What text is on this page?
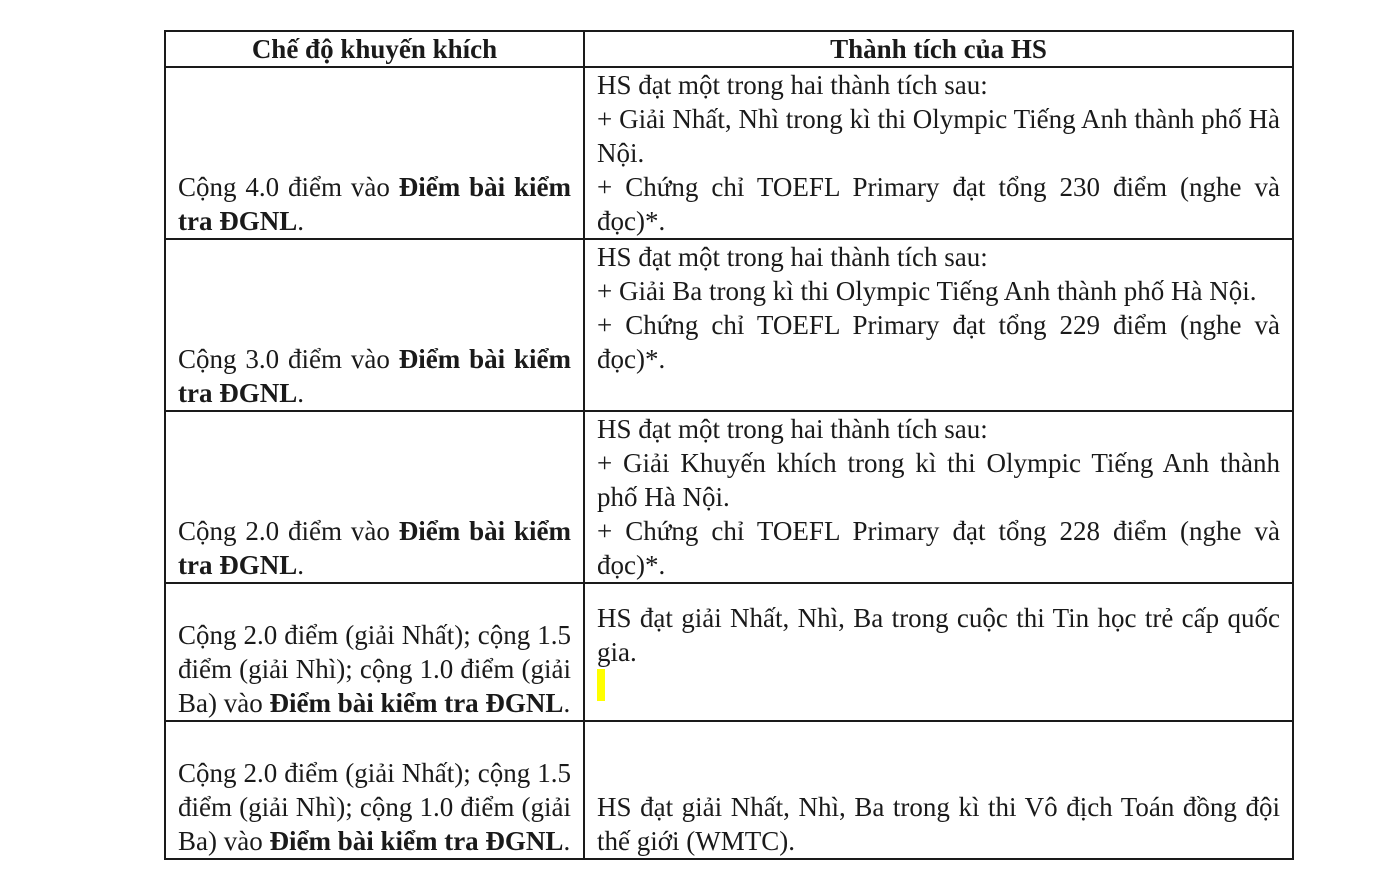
Chế độ khuyến khích	Thành tích của HS

Cộng 4.0 điểm vào Điểm bài kiểm tra ĐGNL.	HS đạt một trong hai thành tích sau:
+ Giải Nhất, Nhì trong kì thi Olympic Tiếng Anh thành phố Hà Nội.
+ Chứng chỉ TOEFL Primary đạt tổng 230 điểm (nghe và đọc)*.

Cộng 3.0 điểm vào Điểm bài kiểm tra ĐGNL.	HS đạt một trong hai thành tích sau:
+ Giải Ba trong kì thi Olympic Tiếng Anh thành phố Hà Nội.
+ Chứng chỉ TOEFL Primary đạt tổng 229 điểm (nghe và đọc)*.

Cộng 2.0 điểm vào Điểm bài kiểm tra ĐGNL.	HS đạt một trong hai thành tích sau:
+ Giải Khuyến khích trong kì thi Olympic Tiếng Anh thành phố Hà Nội.
+ Chứng chỉ TOEFL Primary đạt tổng 228 điểm (nghe và đọc)*.

Cộng 2.0 điểm (giải Nhất); cộng 1.5 điểm (giải Nhì); cộng 1.0 điểm (giải Ba) vào Điểm bài kiểm tra ĐGNL.	HS đạt giải Nhất, Nhì, Ba trong cuộc thi Tin học trẻ cấp quốc gia.

Cộng 2.0 điểm (giải Nhất); cộng 1.5 điểm (giải Nhì); cộng 1.0 điểm (giải Ba) vào Điểm bài kiểm tra ĐGNL.	HS đạt giải Nhất, Nhì, Ba trong kì thi Vô địch Toán đồng đội thế giới (WMTC).
